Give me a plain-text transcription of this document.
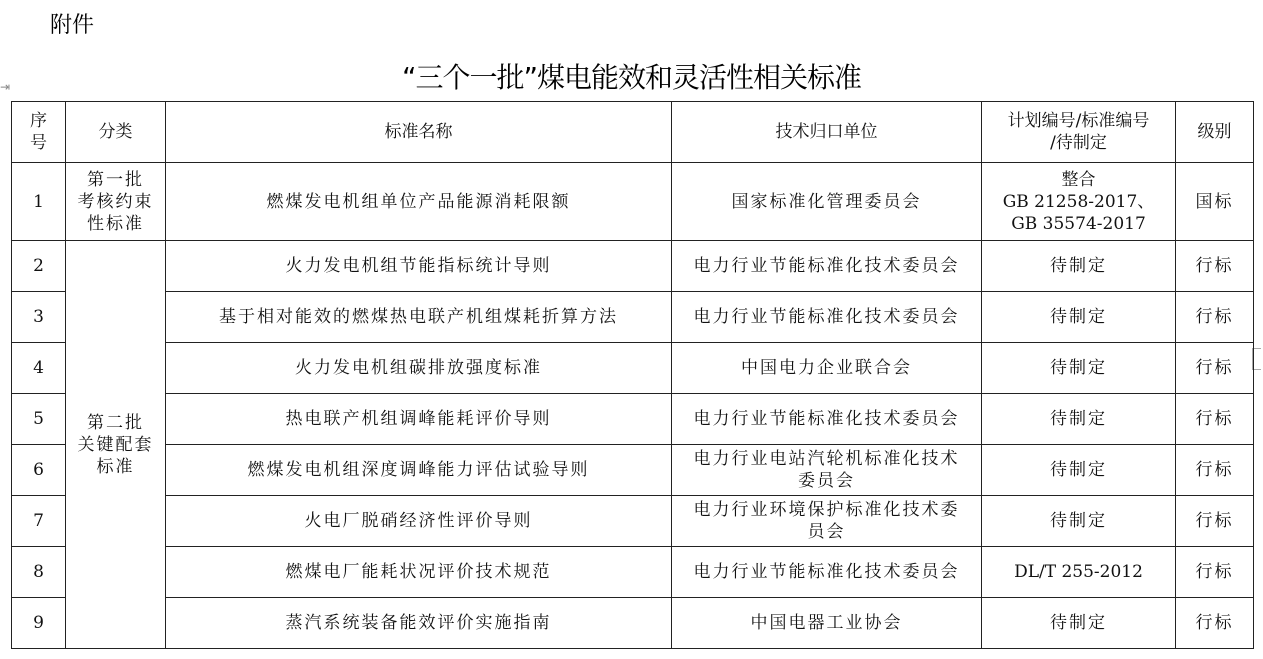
附件
⇥	“三个一批”煤电能效和灵活性相关标准
序
号	分类	标准名称	技术归口单位	计划编号/标准编号
/待制定	级别
1	第一批
考核约束
性标准	燃煤发电机组单位产品能源消耗限额	国家标准化管理委员会	整合
GB 21258-2017、
GB 35574-2017	国标
2	第二批
关键配套
标准	火力发电机组节能指标统计导则	电力行业节能标准化技术委员会	待制定	行标
3		基于相对能效的燃煤热电联产机组煤耗折算方法	电力行业节能标准化技术委员会	待制定	行标
4		火力发电机组碳排放强度标准	中国电力企业联合会	待制定	行标
5		热电联产机组调峰能耗评价导则	电力行业节能标准化技术委员会	待制定	行标
6		燃煤发电机组深度调峰能力评估试验导则	电力行业电站汽轮机标准化技术
委员会	待制定	行标
7		火电厂脱硝经济性评价导则	电力行业环境保护标准化技术委
员会	待制定	行标
8		燃煤电厂能耗状况评价技术规范	电力行业节能标准化技术委员会	DL/T 255-2012	行标
9		蒸汽系统装备能效评价实施指南	中国电器工业协会	待制定	行标
